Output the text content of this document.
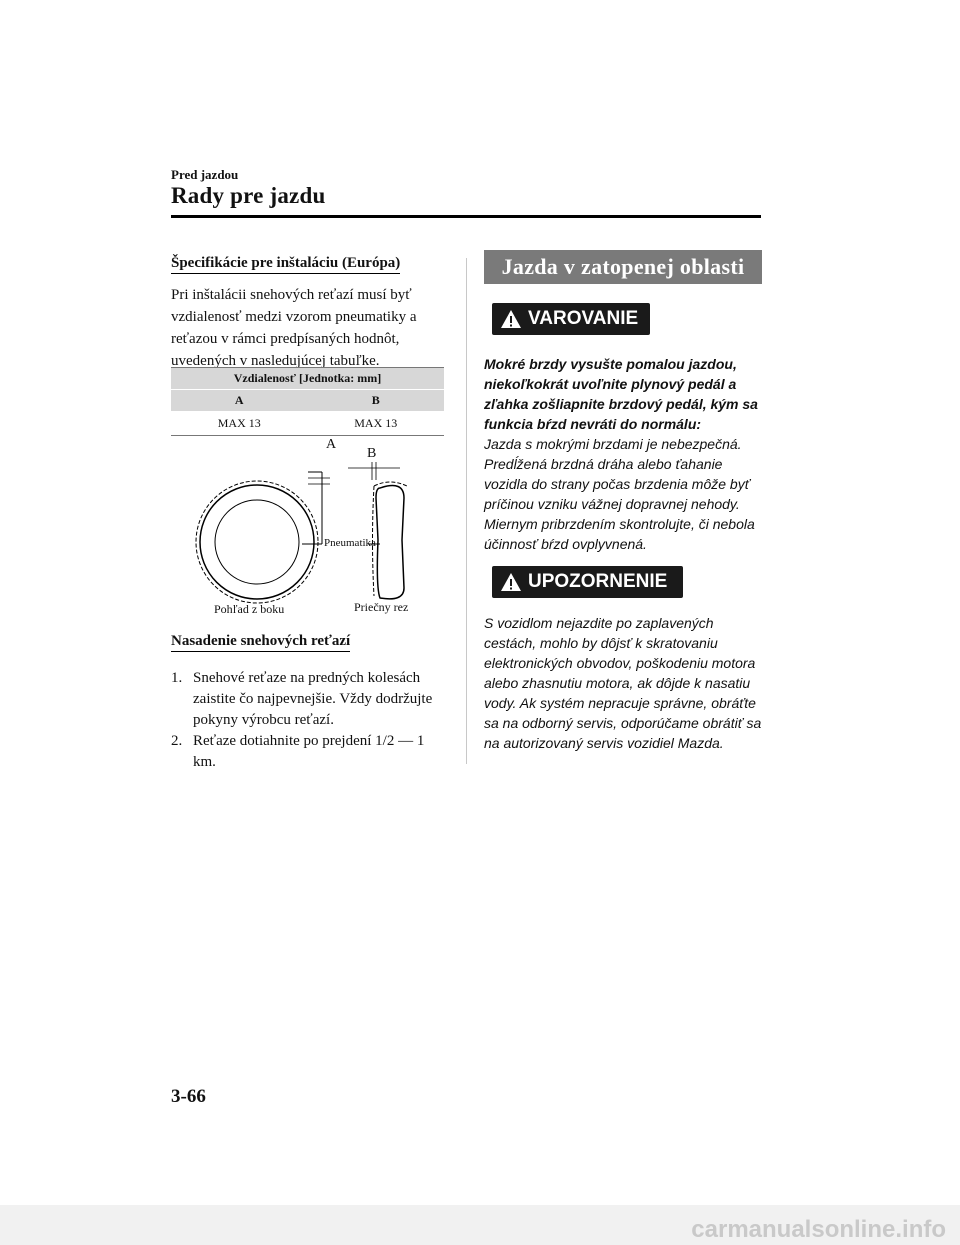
Pred jazdou
Rady pre jazdu
Špecifikácie pre inštaláciu (Európa)
Pri inštalácii snehových reťazí musí byť vzdialenosť medzi vzorom pneumatiky a reťazou v rámci predpísaných hodnôt, uvedených v nasledujúcej tabuľke.
Vzdialenosť [Jednotka: mm]	
A	B
MAX 13	MAX 13
A
B
Pneumatika
Pohľad z boku	Priečny rez
Nasadenie snehových reťazí
1. Snehové reťaze na predných kolesách zaistite čo najpevnejšie. Vždy dodržujte pokyny výrobcu reťazí.
2. Reťaze dotiahnite po prejdení 1/2 ― 1 km.
Jazda v zatopenej oblasti
VAROVANIE
Mokré brzdy vysušte pomalou jazdou, niekoľkokrát uvoľnite plynový pedál a zľahka zošliapnite brzdový pedál, kým sa funkcia bŕzd nevráti do normálu:
Jazda s mokrými brzdami je nebezpečná. Predĺžená brzdná dráha alebo ťahanie vozidla do strany počas brzdenia môže byť príčinou vzniku vážnej dopravnej nehody. Miernym pribrzdením skontrolujte, či nebola účinnosť bŕzd ovplyvnená.
UPOZORNENIE
S vozidlom nejazdite po zaplavených cestách, mohlo by dôjsť k skratovaniu elektronických obvodov, poškodeniu motora alebo zhasnutiu motora, ak dôjde k nasatiu vody. Ak systém nepracuje správne, obráťte sa na odborný servis, odporúčame obrátiť sa na autorizovaný servis vozidiel Mazda.
3-66
carmanualsonline.info
